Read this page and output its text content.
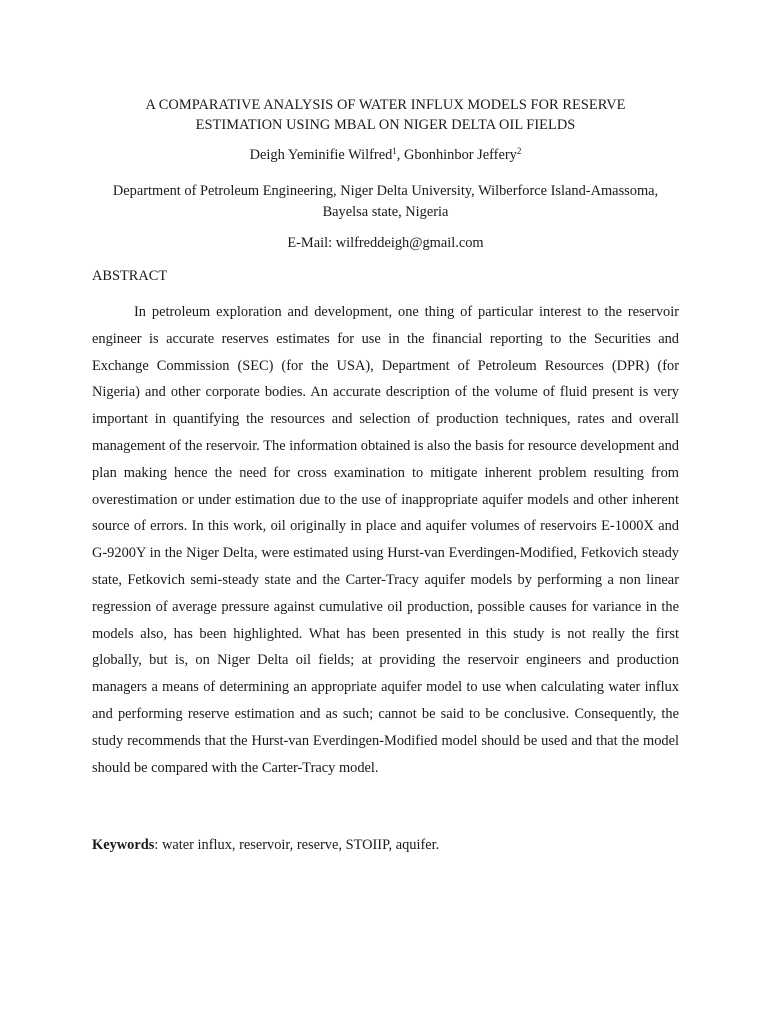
A COMPARATIVE ANALYSIS OF WATER INFLUX MODELS FOR RESERVE
ESTIMATION USING MBAL ON NIGER DELTA OIL FIELDS
Deigh Yeminifie Wilfred$^1$, Gbonhinbor Jeffery$^2$
Department of Petroleum Engineering, Niger Delta University, Wilberforce Island-Amassoma,
Bayelsa state, Nigeria
E-Mail: wilfreddeigh@gmail.com
ABSTRACT

In petroleum exploration and development, one thing of particular interest to the reservoir engineer is accurate reserves estimates for use in the financial reporting to the Securities and Exchange Commission (SEC) (for the USA), Department of Petroleum Resources (DPR) (for Nigeria) and other corporate bodies. An accurate description of the volume of fluid present is very important in quantifying the resources and selection of production techniques, rates and overall management of the reservoir. The information obtained is also the basis for resource development and plan making hence the need for cross examination to mitigate inherent problem resulting from overestimation or under estimation due to the use of inappropriate aquifer models and other inherent source of errors. In this work, oil originally in place and aquifer volumes of reservoirs E-1000X and G-9200Y in the Niger Delta, were estimated using Hurst-van Everdingen-Modified, Fetkovich steady state, Fetkovich semi-steady state and the Carter-Tracy aquifer models by performing a non linear regression of average pressure against cumulative oil production, possible causes for variance in the models also, has been highlighted. What has been presented in this study is not really the first globally, but is, on Niger Delta oil fields; at providing the reservoir engineers and production managers a means of determining an appropriate aquifer model to use when calculating water influx and performing reserve estimation and as such; cannot be said to be conclusive. Consequently, the study recommends that the Hurst-van Everdingen-Modified model should be used and that the model should be compared with the Carter-Tracy model.

Keywords: water influx, reservoir, reserve, STOIIP, aquifer.
